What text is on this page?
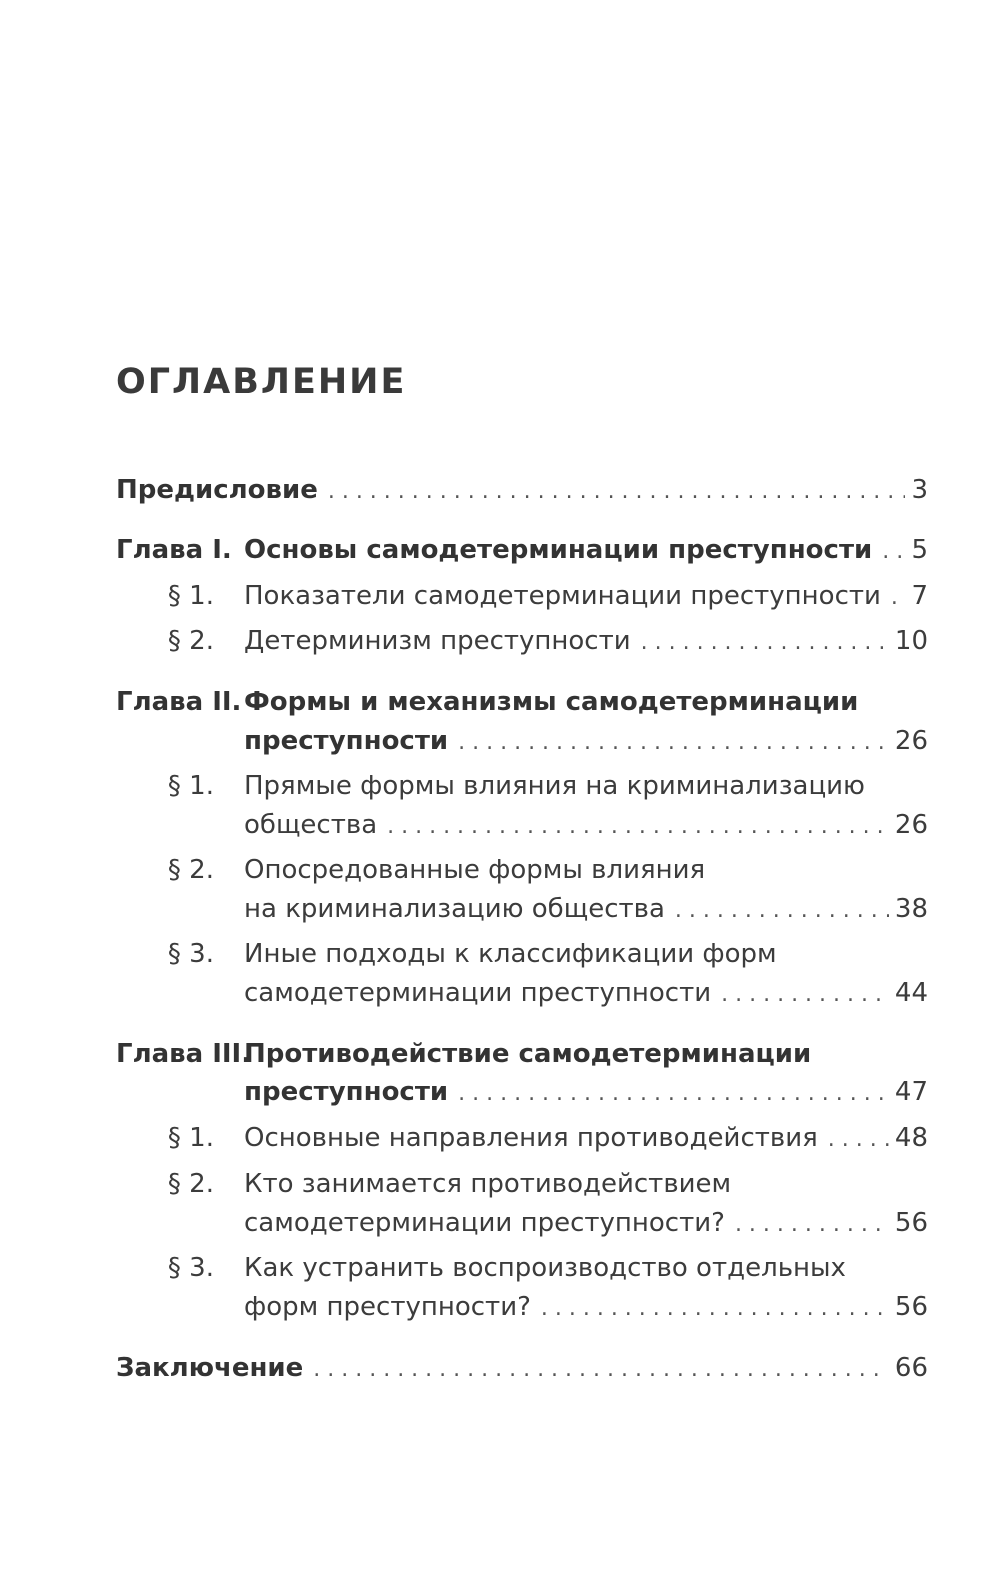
ОГЛАВЛЕНИЕ
Предисловие . . .	3
Глава I. Основы самодетерминации преступности . . . 5
§ 1.	Показатели самодетерминации преступности . . . 7
§ 2.	Детерминизм преступности . . .	10
Глава II. Формы и механизмы самодетерминации
преступности . . .	26
§ 1.	Прямые формы влияния на криминализацию
общества . . .	26
§ 2.	Опосредованные формы влияния
на криминализацию общества . . .	38
§ 3.	Иные подходы к классификации форм
самодетерминации преступности . . .	44
Глава III.
Противодействие самодетерминации
преступности . . .	47
§ 1.	Основные направления противодействия . . .	48
§ 2.	Кто занимается противодействием
самодетерминации преступности? . . .	56
§ 3.	Как устранить воспроизводство отдельных
форм преступности? . . .	56
Заключение . . .	66
